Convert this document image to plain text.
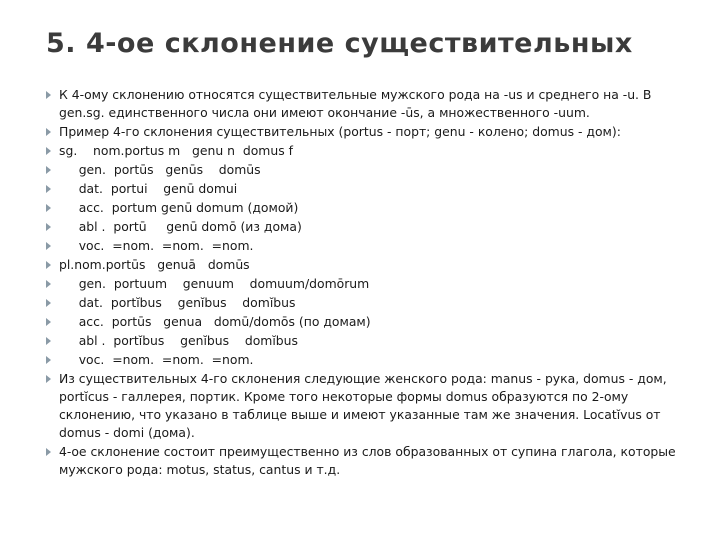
5. 4-ое склонение существительных
К 4-ому склонению относятся существительные мужского рода на -us и среднего на -u. В gen.sg. единственного числа они имеют окончание -ūs, а множественного -uum.
Пример 4-го склонения существительных (portus - порт; genu - колено; domus - дом):
sg.    nom.portus m   genu n  domus f
gen.  portūs   genūs    domūs
dat.  portui    genū domui
acc.  portum genū domum (домой)
abl .  portū     genū domō (из дома)
voc.  =nom.  =nom.  =nom.
pl.nom.portūs   genuā   domūs
gen.  portuum    genuum    domuum/domōrum
dat.  portĭbus    genĭbus    domĭbus
acc.  portūs   genua   domū/domōs (по домам)
abl .  portĭbus    genĭbus    domĭbus
voc.  =nom.  =nom.  =nom.
Из существительных 4-го склонения следующие женского рода: manus - рука, domus - дом, portĭcus - галлерея, портик. Кроме того некоторые формы domus образуются по 2-ому склонению, что указано в таблице выше и имеют указанные там же значения. Locatĭvus от domus - domi (дома).
4-ое склонение состоит преимущественно из слов образованных от супина глагола, которые мужского рода: motus, status, cantus и т.д.
